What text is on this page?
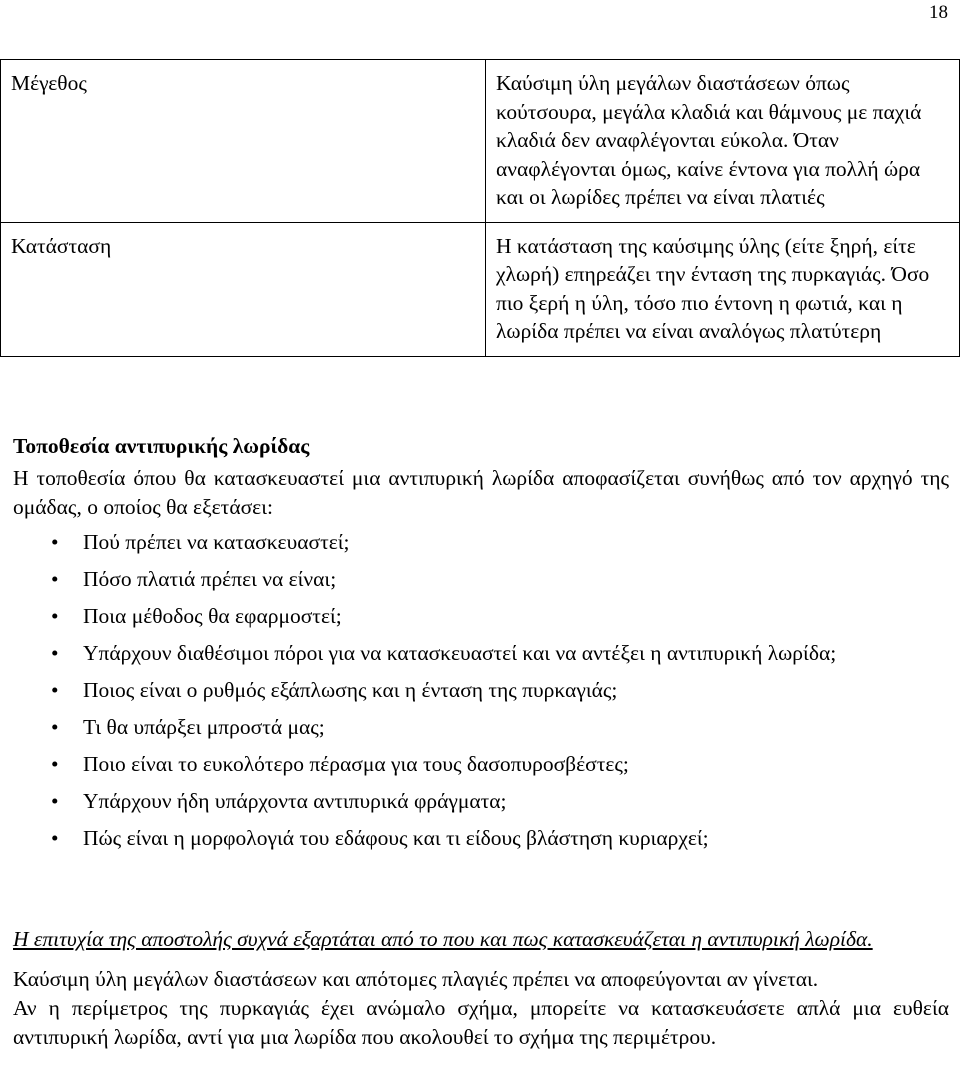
18
Μέγεθος	Καύσιμη ύλη μεγάλων διαστάσεων όπως κούτσουρα, μεγάλα κλαδιά και θάμνους με παχιά κλαδιά δεν αναφλέγονται εύκολα. Όταν αναφλέγονται όμως, καίνε έντονα για πολλή ώρα και οι λωρίδες πρέπει να είναι πλατιές
Κατάσταση	Η κατάσταση της καύσιμης ύλης (είτε ξηρή, είτε χλωρή) επηρεάζει την ένταση της πυρκαγιάς. Όσο πιο ξερή η ύλη, τόσο πιο έντονη η φωτιά, και η λωρίδα πρέπει να είναι αναλόγως πλατύτερη
Τοποθεσία αντιπυρικής λωρίδας

Η τοποθεσία όπου θα κατασκευαστεί μια αντιπυρική λωρίδα αποφασίζεται συνήθως από τον αρχηγό της ομάδας, ο οποίος θα εξετάσει:

• Πού πρέπει να κατασκευαστεί;
• Πόσο πλατιά πρέπει να είναι;
• Ποια μέθοδος θα εφαρμοστεί;
• Υπάρχουν διαθέσιμοι πόροι για να κατασκευαστεί και να αντέξει η αντιπυρική λωρίδα;
• Ποιος είναι ο ρυθμός εξάπλωσης και η ένταση της πυρκαγιάς;
• Τι θα υπάρξει μπροστά μας;
• Ποιο είναι το ευκολότερο πέρασμα για τους δασοπυροσβέστες;
• Υπάρχουν ήδη υπάρχοντα αντιπυρικά φράγματα;
• Πώς είναι η μορφολογιά του εδάφους και τι είδους βλάστηση κυριαρχεί;

Η επιτυχία της αποστολής συχνά εξαρτάται από το που και πως κατασκευάζεται η αντιπυρική λωρίδα.

Καύσιμη ύλη μεγάλων διαστάσεων και απότομες πλαγιές πρέπει να αποφεύγονται αν γίνεται.

Αν η περίμετρος της πυρκαγιάς έχει ανώμαλο σχήμα, μπορείτε να κατασκευάσετε απλά μια ευθεία αντιπυρική λωρίδα, αντί για μια λωρίδα που ακολουθεί το σχήμα της περιμέτρου.
